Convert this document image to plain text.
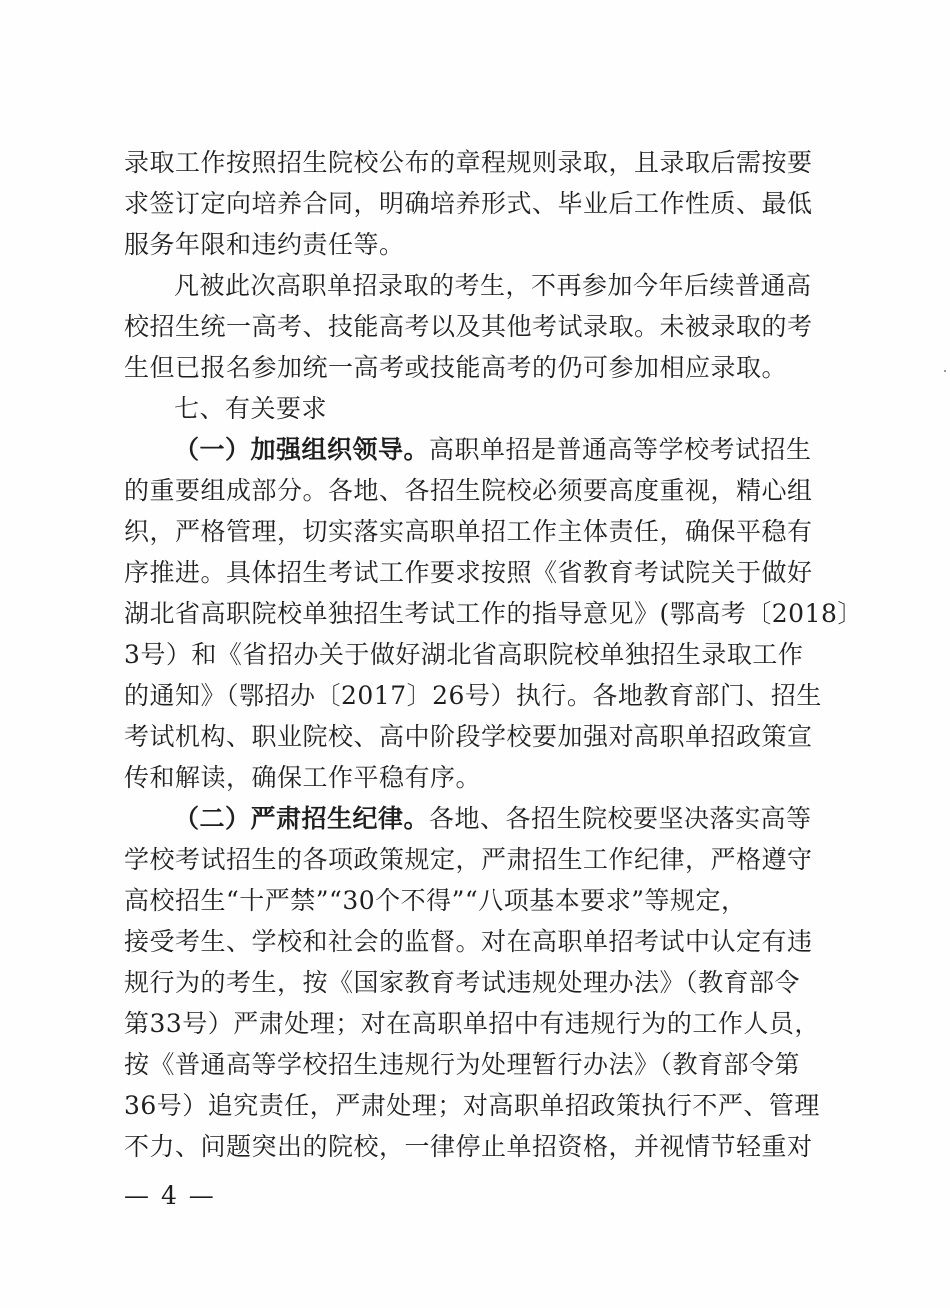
录取工作按照招生院校公布的章程规则录取，且录取后需按要
求签订定向培养合同，明确培养形式、毕业后工作性质、最低
服务年限和违约责任等。
凡被此次高职单招录取的考生，不再参加今年后续普通高
校招生统一高考、技能高考以及其他考试录取。未被录取的考
生但已报名参加统一高考或技能高考的仍可参加相应录取。
七、有关要求
（一）加强组织领导。高职单招是普通高等学校考试招生
的重要组成部分。各地、各招生院校必须要高度重视，精心组
织，严格管理，切实落实高职单招工作主体责任，确保平稳有
序推进。具体招生考试工作要求按照《省教育考试院关于做好
湖北省高职院校单独招生考试工作的指导意见》(鄂高考〔2018〕
3号）和《省招办关于做好湖北省高职院校单独招生录取工作
的通知》（鄂招办〔2017〕26号）执行。各地教育部门、招生
考试机构、职业院校、高中阶段学校要加强对高职单招政策宣
传和解读，确保工作平稳有序。
（二）严肃招生纪律。各地、各招生院校要坚决落实高等
学校考试招生的各项政策规定，严肃招生工作纪律，严格遵守
高校招生“十严禁”“30个不得”“八项基本要求”等规定，
接受考生、学校和社会的监督。对在高职单招考试中认定有违
规行为的考生，按《国家教育考试违规处理办法》（教育部令
第33号）严肃处理；对在高职单招中有违规行为的工作人员，
按《普通高等学校招生违规行为处理暂行办法》（教育部令第
36号）追究责任，严肃处理；对高职单招政策执行不严、管理
不力、问题突出的院校，一律停止单招资格，并视情节轻重对
— 4 —
